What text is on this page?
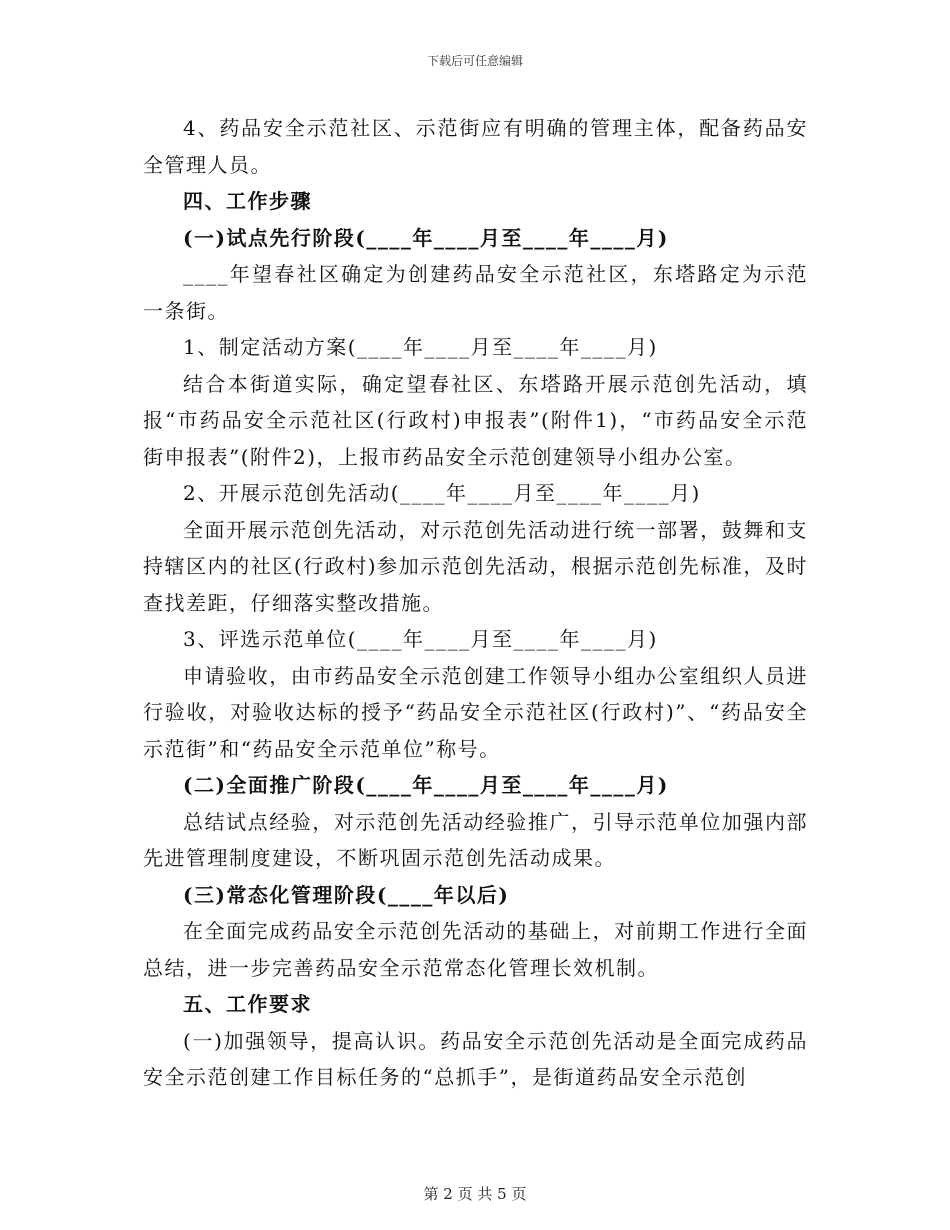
下载后可任意编辑

4、药品安全示范社区、示范街应有明确的管理主体，配备药品安全管理人员。

四、工作步骤

(一)试点先行阶段(____年____月至____年____月)

____年望春社区确定为创建药品安全示范社区，东塔路定为示范一条街。

1、制定活动方案(____年____月至____年____月)

结合本街道实际，确定望春社区、东塔路开展示范创先活动，填报“市药品安全示范社区(行政村)申报表”(附件1)，“市药品安全示范街申报表”(附件2)，上报市药品安全示范创建领导小组办公室。

2、开展示范创先活动(____年____月至____年____月)

全面开展示范创先活动，对示范创先活动进行统一部署，鼓舞和支持辖区内的社区(行政村)参加示范创先活动，根据示范创先标准，及时查找差距，仔细落实整改措施。

3、评选示范单位(____年____月至____年____月)

申请验收，由市药品安全示范创建工作领导小组办公室组织人员进行验收，对验收达标的授予“药品安全示范社区(行政村)”、“药品安全示范街”和“药品安全示范单位”称号。

(二)全面推广阶段(____年____月至____年____月)

总结试点经验，对示范创先活动经验推广，引导示范单位加强内部先进管理制度建设，不断巩固示范创先活动成果。

(三)常态化管理阶段(____年以后)

在全面完成药品安全示范创先活动的基础上，对前期工作进行全面总结，进一步完善药品安全示范常态化管理长效机制。

五、工作要求

(一)加强领导，提高认识。药品安全示范创先活动是全面完成药品安全示范创建工作目标任务的“总抓手”，是街道药品安全示范创

第 2 页 共 5 页
